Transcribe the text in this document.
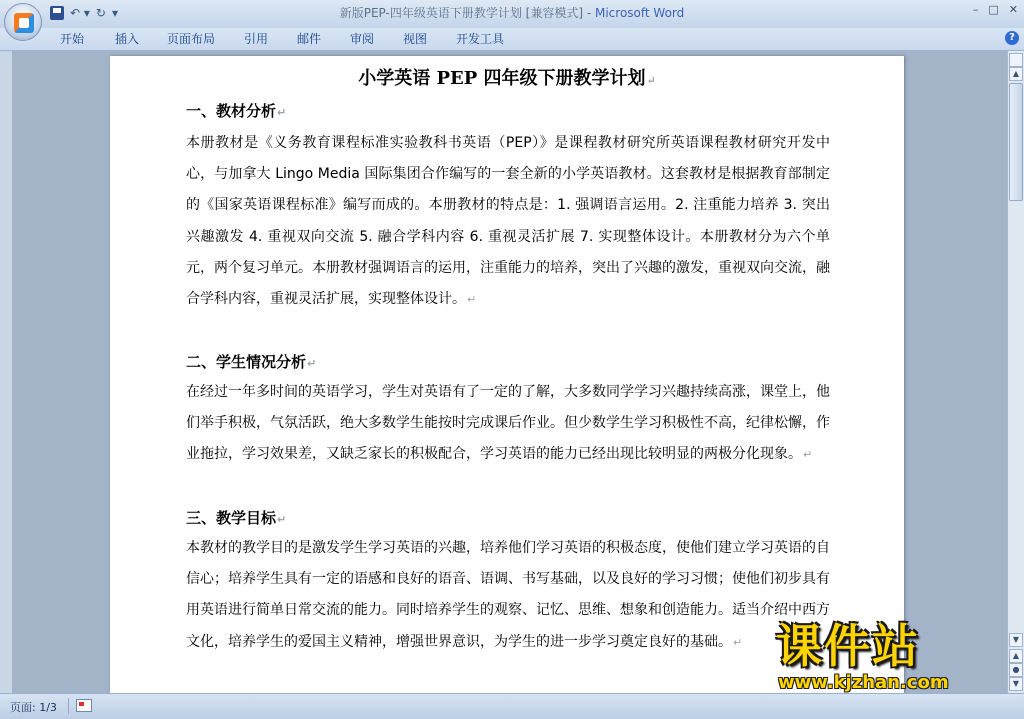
新版PEP-四年级英语下册教学计划 [兼容模式] - Microsoft Word
↶ ▾ ↻ ▾	– □ ✕
开始	插入 页面布局 引用 邮件 审阅 视图 开发工具	?
小学英语 PEP 四年级下册教学计划↵
一、教材分析↵
本册教材是《义务教育课程标准实验教科书英语（PEP）》是课程教材研究所英语课程教材研究开发中心，与加拿大 Lingo Media 国际集团合作编写的一套全新的小学英语教材。这套教材是根据教育部制定的《国家英语课程标准》编写而成的。本册教材的特点是：1. 强调语言运用。2. 注重能力培养 3. 突出兴趣激发 4. 重视双向交流 5. 融合学科内容 6. 重视灵活扩展 7. 实现整体设计。本册教材分为六个单元，两个复习单元。本册教材强调语言的运用，注重能力的培养，突出了兴趣的激发，重视双向交流，融合学科内容，重视灵活扩展，实现整体设计。↵
二、学生情况分析↵
在经过一年多时间的英语学习，学生对英语有了一定的了解，大多数同学学习兴趣持续高涨，课堂上，他们举手积极，气氛活跃，绝大多数学生能按时完成课后作业。但少数学生学习积极性不高，纪律松懈，作业拖拉，学习效果差，又缺乏家长的积极配合，学习英语的能力已经出现比较明显的两极分化现象。↵
三、教学目标↵
本教材的教学目的是激发学生学习英语的兴趣，培养他们学习英语的积极态度，使他们建立学习英语的自信心；培养学生具有一定的语感和良好的语音、语调、书写基础，以及良好的学习习惯；使他们初步具有用英语进行简单日常交流的能力。同时培养学生的观察、记忆、思维、想象和创造能力。适当介绍中西方文化，培养学生的爱国主义精神，增强世界意识，为学生的进一步学习奠定良好的基础。↵
▲
▼
▲
●
▼
课件站
www.kjzhan.com
页面: 1/3
